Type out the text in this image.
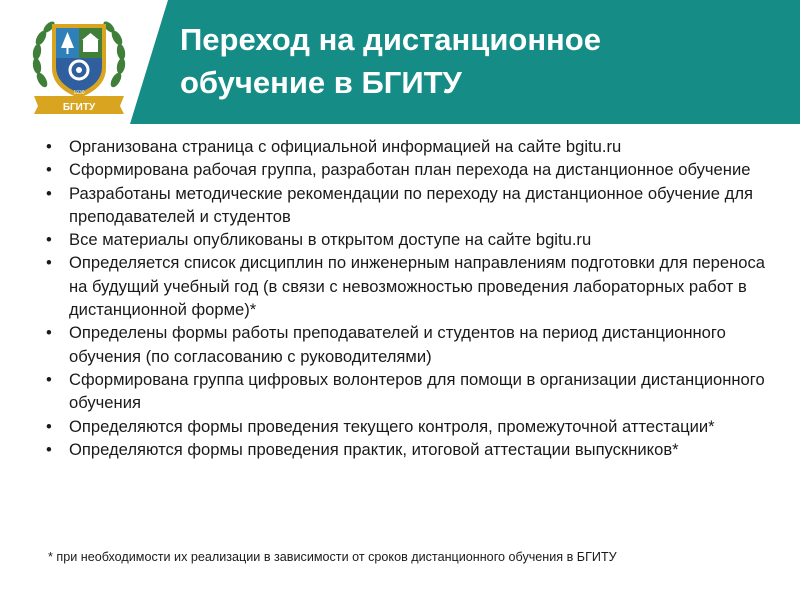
БГИТУ
1930
Переход на дистанционное
обучение в БГИТУ
• Организована страница с официальной информацией на сайте bgitu.ru
• Сформирована рабочая группа, разработан план перехода на дистанционное обучение
• Разработаны методические рекомендации по переходу на дистанционное обучение для преподавателей и студентов
• Все материалы опубликованы в открытом доступе на сайте bgitu.ru
• Определяется список дисциплин по инженерным направлениям подготовки для переноса на будущий учебный год (в связи с невозможностью проведения лабораторных работ в дистанционной форме)*
• Определены формы работы преподавателей и студентов на период дистанционного обучения (по согласованию с руководителями)
• Сформирована группа цифровых волонтеров для помощи в организации дистанционного обучения
• Определяются формы проведения текущего контроля, промежуточной аттестации*
• Определяются формы проведения практик, итоговой аттестации выпускников*
* при необходимости их реализации в зависимости от сроков дистанционного обучения в БГИТУ
